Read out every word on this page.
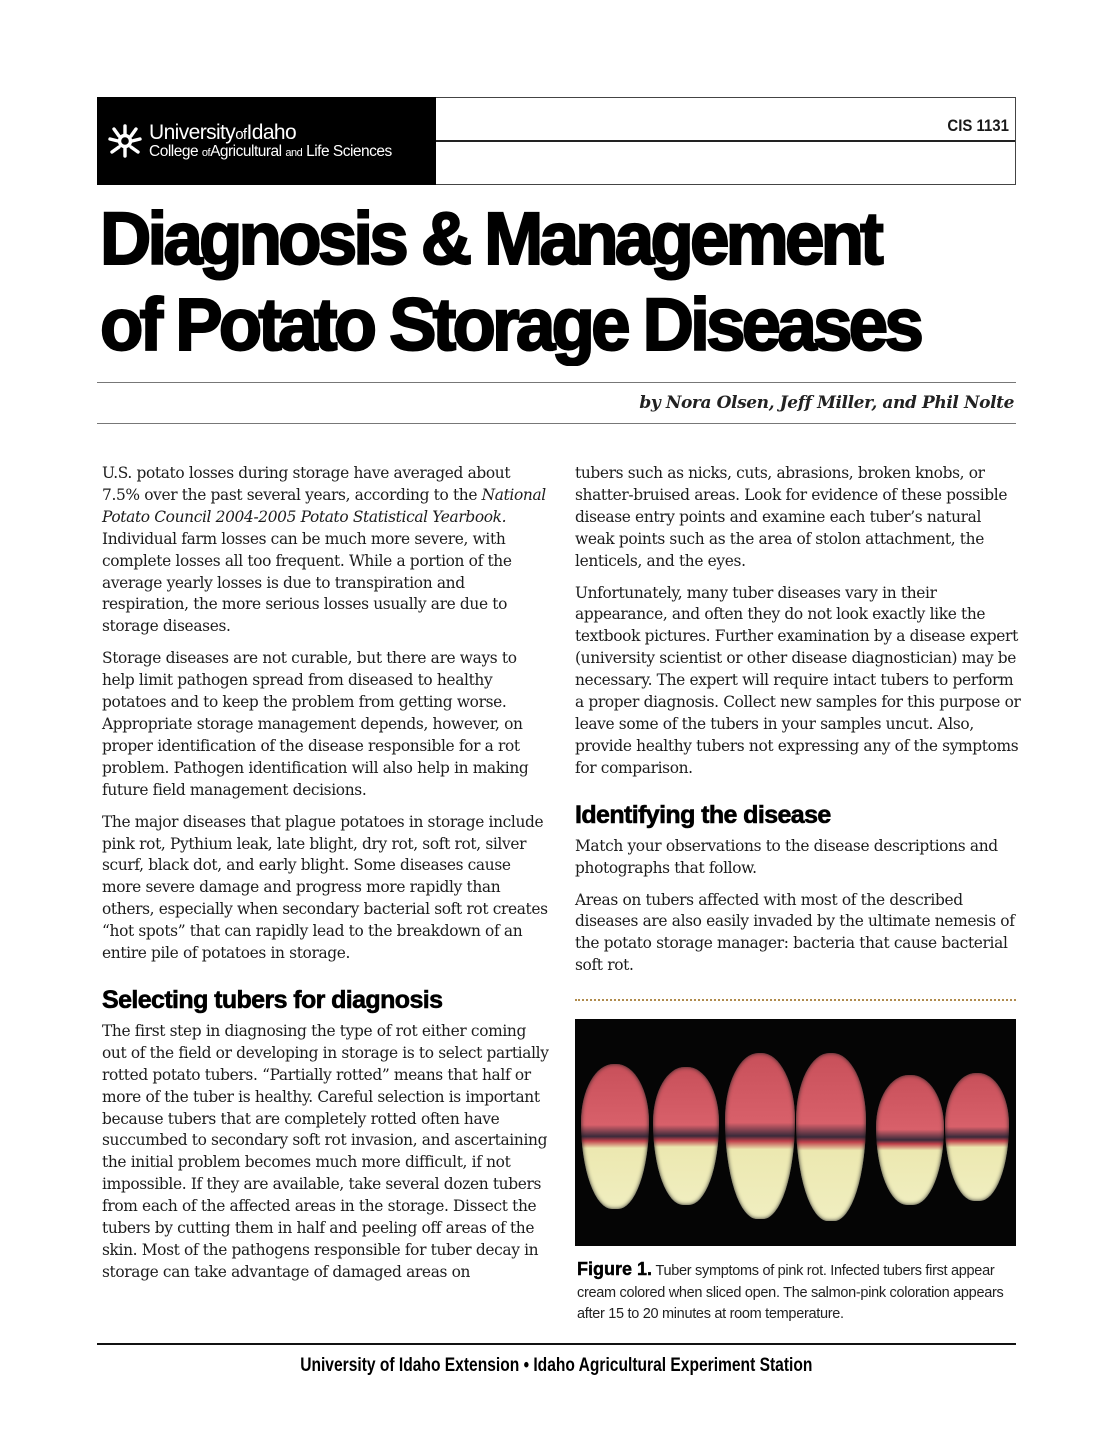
UniversityofIdaho
College ofAgricultural and Life Sciences
CIS 1131
Diagnosis & Management
of Potato Storage Diseases
by Nora Olsen, Jeff Miller, and Phil Nolte

U.S. potato losses during storage have averaged about 7.5% over the past several years, according to the National Potato Council 2004-2005 Potato Statistical Yearbook. Individual farm losses can be much more severe, with complete losses all too frequent. While a portion of the average yearly losses is due to transpiration and respiration, the more serious losses usually are due to storage diseases.

Storage diseases are not curable, but there are ways to help limit pathogen spread from diseased to healthy potatoes and to keep the problem from getting worse. Appropriate storage management depends, however, on proper identification of the disease responsible for a rot problem. Pathogen identification will also help in making future field management decisions.

The major diseases that plague potatoes in storage include pink rot, Pythium leak, late blight, dry rot, soft rot, silver scurf, black dot, and early blight. Some diseases cause more severe damage and progress more rapidly than others, especially when secondary bacterial soft rot creates “hot spots” that can rapidly lead to the breakdown of an entire pile of potatoes in storage.

Selecting tubers for diagnosis

The first step in diagnosing the type of rot either coming out of the field or developing in storage is to select partially rotted potato tubers. “Partially rotted” means that half or more of the tuber is healthy. Careful selection is important because tubers that are completely rotted often have succumbed to secondary soft rot invasion, and ascertaining the initial problem becomes much more difficult, if not impossible. If they are available, take several dozen tubers from each of the affected areas in the storage. Dissect the tubers by cutting them in half and peeling off areas of the skin. Most of the pathogens responsible for tuber decay in storage can take advantage of damaged areas on

tubers such as nicks, cuts, abrasions, broken knobs, or shatter-bruised areas. Look for evidence of these possible disease entry points and examine each tuber’s natural weak points such as the area of stolon attachment, the lenticels, and the eyes.

Unfortunately, many tuber diseases vary in their appearance, and often they do not look exactly like the textbook pictures. Further examination by a disease expert (university scientist or other disease diagnostician) may be necessary. The expert will require intact tubers to perform a proper diagnosis. Collect new samples for this purpose or leave some of the tubers in your samples uncut. Also, provide healthy tubers not expressing any of the symptoms for comparison.

Identifying the disease

Match your observations to the disease descriptions and photographs that follow.

Areas on tubers affected with most of the described diseases are also easily invaded by the ultimate nemesis of the potato storage manager: bacteria that cause bacterial soft rot.

Figure 1. Tuber symptoms of pink rot. Infected tubers first appear cream colored when sliced open. The salmon-pink coloration appears after 15 to 20 minutes at room temperature.
University of Idaho Extension • Idaho Agricultural Experiment Station
